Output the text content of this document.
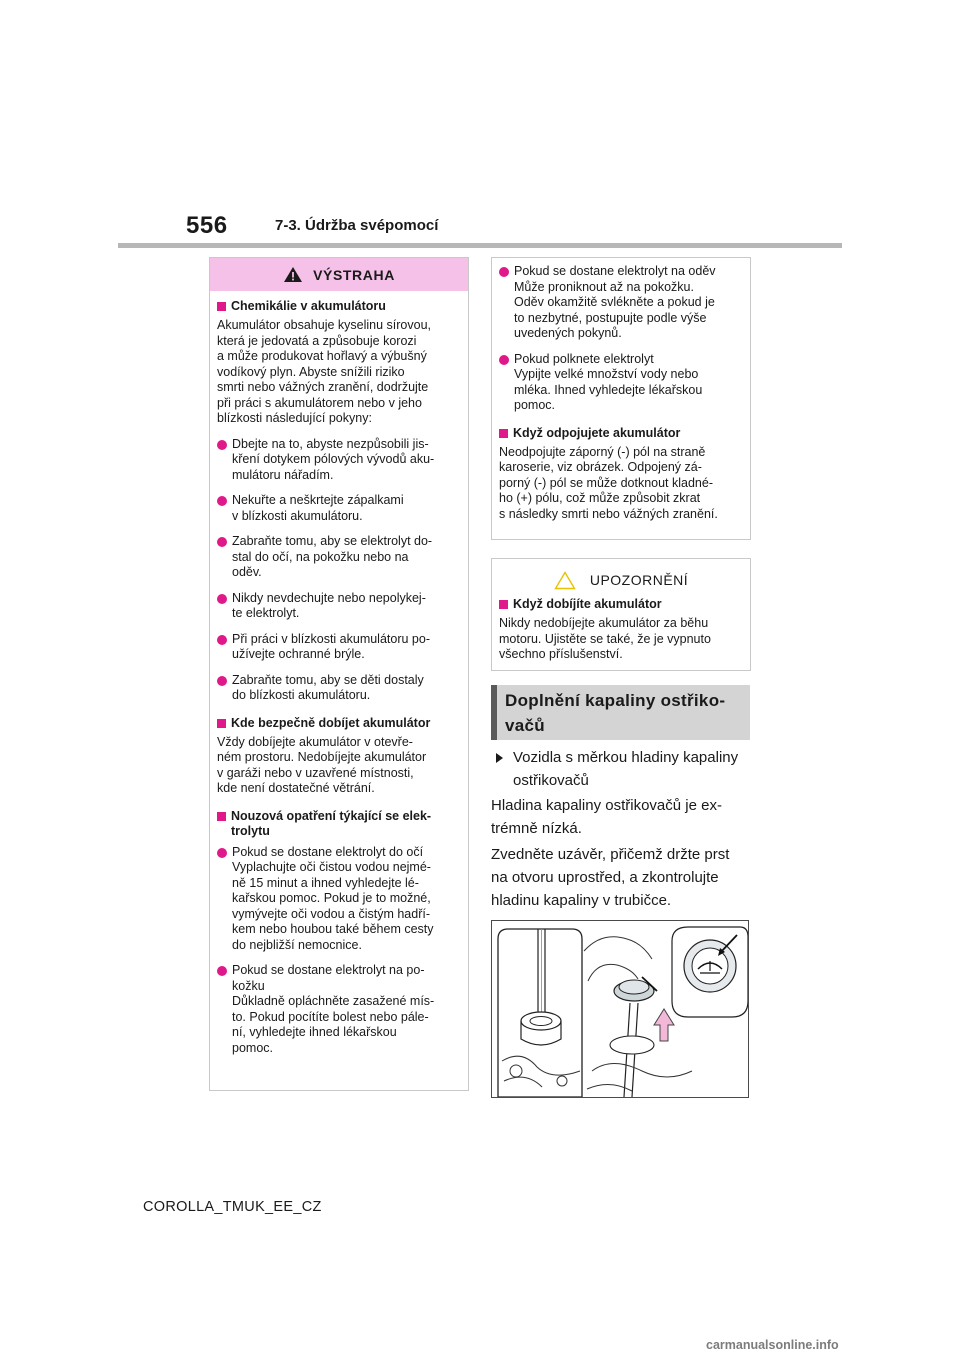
556	7-3. Údržba svépomocí
VÝSTRAHA
Chemikálie v akumulátoru
Akumulátor obsahuje kyselinu sírovou,
která je jedovatá a způsobuje korozi
a může produkovat hořlavý a výbušný
vodíkový plyn. Abyste snížili riziko
smrti nebo vážných zranění, dodržujte
při práci s akumulátorem nebo v jeho
blízkosti následující pokyny:
Dbejte na to, abyste nezpůsobili jis-
kření dotykem pólových vývodů aku-
mulátoru nářadím.
Nekuřte a neškrtejte zápalkami
v blízkosti akumulátoru.
Zabraňte tomu, aby se elektrolyt do-
stal do očí, na pokožku nebo na
oděv.
Nikdy nevdechujte nebo nepolykej-
te elektrolyt.
Při práci v blízkosti akumulátoru po-
užívejte ochranné brýle.
Zabraňte tomu, aby se děti dostaly
do blízkosti akumulátoru.
Kde bezpečně dobíjet akumulátor
Vždy dobíjejte akumulátor v otevře-
ném prostoru. Nedobíjejte akumulátor
v garáži nebo v uzavřené místnosti,
kde není dostatečné větrání.
Nouzová opatření týkající se elek-
trolytu
Pokud se dostane elektrolyt do očí
Vyplachujte oči čistou vodou nejmé-
ně 15 minut a ihned vyhledejte lé-
kařskou pomoc. Pokud je to možné,
vymývejte oči vodou a čistým hadří-
kem nebo houbou také během cesty
do nejbližší nemocnice.
Pokud se dostane elektrolyt na po-
kožku
Důkladně opláchněte zasažené mís-
to. Pokud pocítíte bolest nebo pále-
ní, vyhledejte ihned lékařskou
pomoc.
Pokud se dostane elektrolyt na oděv
Může proniknout až na pokožku.
Oděv okamžitě svlékněte a pokud je
to nezbytné, postupujte podle výše
uvedených pokynů.
Pokud polknete elektrolyt
Vypijte velké množství vody nebo
mléka. Ihned vyhledejte lékařskou
pomoc.
Když odpojujete akumulátor
Neodpojujte záporný (-) pól na straně
karoserie, viz obrázek. Odpojený zá-
porný (-) pól se může dotknout kladné-
ho (+) pólu, což může způsobit zkrat
s následky smrti nebo vážných zranění.
UPOZORNĚNÍ
Když dobíjíte akumulátor
Nikdy nedobíjejte akumulátor za běhu
motoru. Ujistěte se také, že je vypnuto
všechno příslušenství.
Doplnění kapaliny ostřiko-
vačů
Vozidla s měrkou hladiny kapaliny
ostřikovačů
Hladina kapaliny ostřikovačů je ex-
trémně nízká.
Zvedněte uzávěr, přičemž držte prst
na otvoru uprostřed, a zkontrolujte
hladinu kapaliny v trubičce.
COROLLA_TMUK_EE_CZ
carmanualsonline.info
